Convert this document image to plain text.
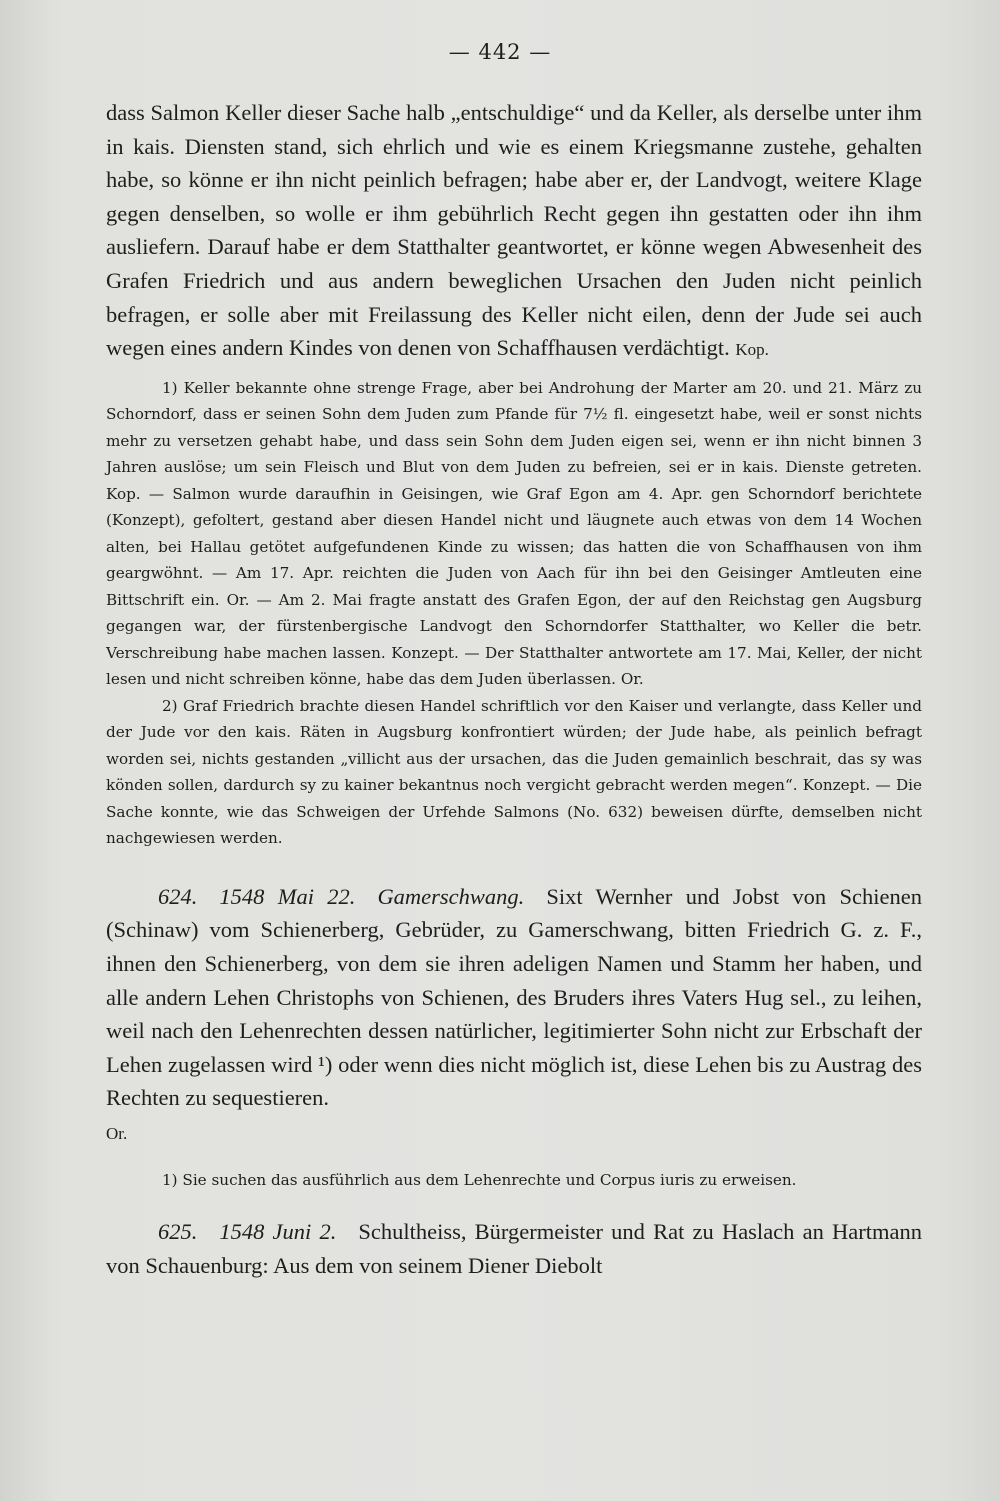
— 442 —

dass Salmon Keller dieser Sache halb „entschuldige“ und da Keller, als derselbe unter ihm in kais. Diensten stand, sich ehrlich und wie es einem Kriegsmanne zustehe, gehalten habe, so könne er ihn nicht peinlich befragen; habe aber er, der Landvogt, weitere Klage gegen denselben, so wolle er ihm gebührlich Recht gegen ihn gestatten oder ihn ihm ausliefern. Darauf habe er dem Statthalter geantwortet, er könne wegen Abwesenheit des Grafen Friedrich und aus andern beweglichen Ursachen den Juden nicht peinlich befragen, er solle aber mit Freilassung des Keller nicht eilen, denn der Jude sei auch wegen eines andern Kindes von denen von Schaffhausen verdächtigt. Kop.

1) Keller bekannte ohne strenge Frage, aber bei Androhung der Marter am 20. und 21. März zu Schorndorf, dass er seinen Sohn dem Juden zum Pfande für 7½ fl. eingesetzt habe, weil er sonst nichts mehr zu versetzen gehabt habe, und dass sein Sohn dem Juden eigen sei, wenn er ihn nicht binnen 3 Jahren auslöse; um sein Fleisch und Blut von dem Juden zu befreien, sei er in kais. Dienste getreten. Kop. — Salmon wurde daraufhin in Geisingen, wie Graf Egon am 4. Apr. gen Schorndorf berichtete (Konzept), gefoltert, gestand aber diesen Handel nicht und läugnete auch etwas von dem 14 Wochen alten, bei Hallau getötet aufgefundenen Kinde zu wissen; das hatten die von Schaffhausen von ihm geargwöhnt. — Am 17. Apr. reichten die Juden von Aach für ihn bei den Geisinger Amtleuten eine Bittschrift ein. Or. — Am 2. Mai fragte anstatt des Grafen Egon, der auf den Reichstag gen Augsburg gegangen war, der fürstenbergische Landvogt den Schorndorfer Statthalter, wo Keller die betr. Verschreibung habe machen lassen. Konzept. — Der Statthalter antwortete am 17. Mai, Keller, der nicht lesen und nicht schreiben könne, habe das dem Juden überlassen. Or.

2) Graf Friedrich brachte diesen Handel schriftlich vor den Kaiser und verlangte, dass Keller und der Jude vor den kais. Räten in Augsburg konfrontiert würden; der Jude habe, als peinlich befragt worden sei, nichts gestanden „villicht aus der ursachen, das die Juden gemainlich beschrait, das sy was könden sollen, dardurch sy zu kainer bekantnus noch vergicht gebracht werden megen“. Konzept. — Die Sache konnte, wie das Schweigen der Urfehde Salmons (No. 632) beweisen dürfte, demselben nicht nachgewiesen werden.

624. 1548 Mai 22. Gamerschwang. Sixt Wernher und Jobst von Schienen (Schinaw) vom Schienerberg, Gebrüder, zu Gamerschwang, bitten Friedrich G. z. F., ihnen den Schienerberg, von dem sie ihren adeligen Namen und Stamm her haben, und alle andern Lehen Christophs von Schienen, des Bruders ihres Vaters Hug sel., zu leihen, weil nach den Lehenrechten dessen natürlicher, legitimierter Sohn nicht zur Erbschaft der Lehen zugelassen wird ¹) oder wenn dies nicht möglich ist, diese Lehen bis zu Austrag des Rechten zu sequestieren.
Or.

1) Sie suchen das ausführlich aus dem Lehenrechte und Corpus iuris zu erweisen.

625. 1548 Juni 2. Schultheiss, Bürgermeister und Rat zu Haslach an Hartmann von Schauenburg: Aus dem von seinem Diener Diebolt
